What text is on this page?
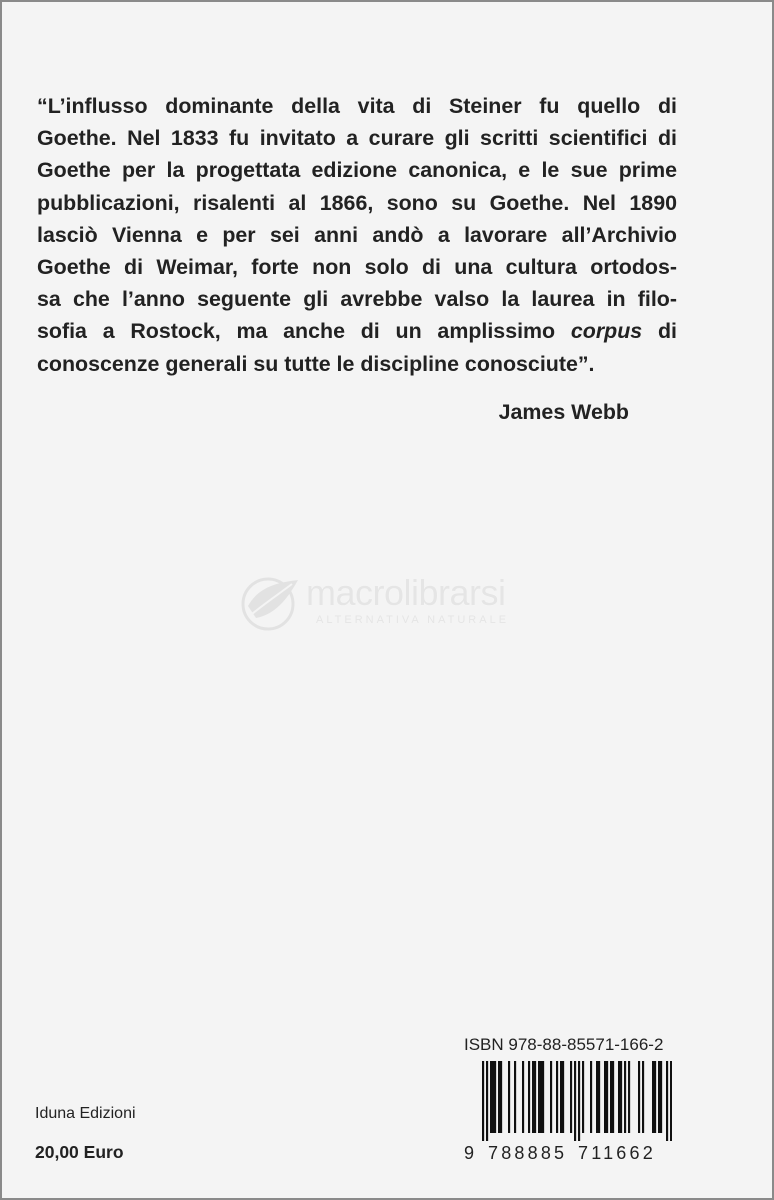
“L’influsso dominante della vita di Steiner fu quello di
Goethe. Nel 1833 fu invitato a curare gli scritti scientifici di
Goethe per la progettata edizione canonica, e le sue prime
pubblicazioni, risalenti al 1866, sono su Goethe. Nel 1890
lasciò Vienna e per sei anni andò a lavorare all’Archivio
Goethe di Weimar, forte non solo di una cultura ortodos-
sa che l’anno seguente gli avrebbe valso la laurea in filo-
sofia a Rostock, ma anche di un amplissimo corpus di
conoscenze generali su tutte le discipline conosciute”.

James Webb
macrolibrarsi
ALTERNATIVA NATURALE
ISBN 978-88-85571-166-2
9 788885 711662
Iduna Edizioni
20,00 Euro
